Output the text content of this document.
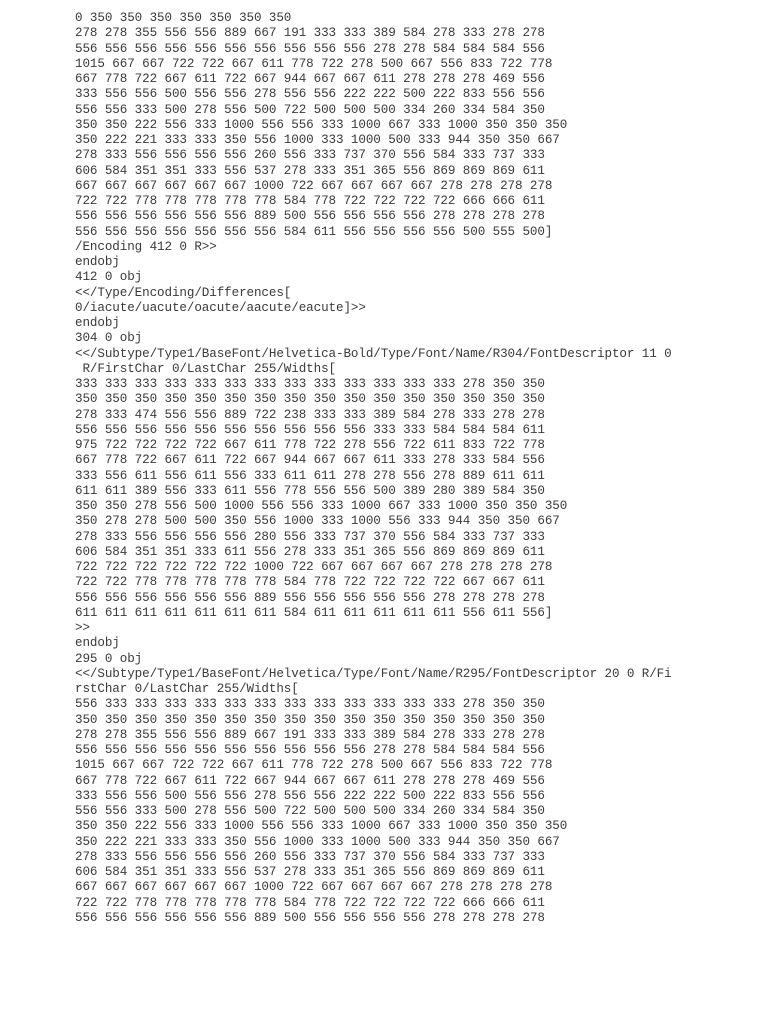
0 350 350 350 350 350 350 350
278 278 355 556 556 889 667 191 333 333 389 584 278 333 278 278
556 556 556 556 556 556 556 556 556 556 278 278 584 584 584 556
1015 667 667 722 722 667 611 778 722 278 500 667 556 833 722 778
667 778 722 667 611 722 667 944 667 667 611 278 278 278 469 556
333 556 556 500 556 556 278 556 556 222 222 500 222 833 556 556
556 556 333 500 278 556 500 722 500 500 500 334 260 334 584 350
350 350 222 556 333 1000 556 556 333 1000 667 333 1000 350 350 350
350 222 221 333 333 350 556 1000 333 1000 500 333 944 350 350 667
278 333 556 556 556 556 260 556 333 737 370 556 584 333 737 333
606 584 351 351 333 556 537 278 333 351 365 556 869 869 869 611
667 667 667 667 667 667 1000 722 667 667 667 667 278 278 278 278
722 722 778 778 778 778 778 584 778 722 722 722 722 666 666 611
556 556 556 556 556 556 889 500 556 556 556 556 278 278 278 278
556 556 556 556 556 556 556 584 611 556 556 556 556 500 555 500]
/Encoding 412 0 R>>
endobj
412 0 obj
<</Type/Encoding/Differences[
0/iacute/uacute/oacute/aacute/eacute]>>
endobj
304 0 obj
<</Subtype/Type1/BaseFont/Helvetica-Bold/Type/Font/Name/R304/FontDescriptor 11 0
R/FirstChar 0/LastChar 255/Widths[
333 333 333 333 333 333 333 333 333 333 333 333 333 278 350 350
350 350 350 350 350 350 350 350 350 350 350 350 350 350 350 350
278 333 474 556 556 889 722 238 333 333 389 584 278 333 278 278
556 556 556 556 556 556 556 556 556 556 333 333 584 584 584 611
975 722 722 722 722 667 611 778 722 278 556 722 611 833 722 778
667 778 722 667 611 722 667 944 667 667 611 333 278 333 584 556
333 556 611 556 611 556 333 611 611 278 278 556 278 889 611 611
611 611 389 556 333 611 556 778 556 556 500 389 280 389 584 350
350 350 278 556 500 1000 556 556 333 1000 667 333 1000 350 350 350
350 278 278 500 500 350 556 1000 333 1000 556 333 944 350 350 667
278 333 556 556 556 556 280 556 333 737 370 556 584 333 737 333
606 584 351 351 333 611 556 278 333 351 365 556 869 869 869 611
722 722 722 722 722 722 1000 722 667 667 667 667 278 278 278 278
722 722 778 778 778 778 778 584 778 722 722 722 722 667 667 611
556 556 556 556 556 556 889 556 556 556 556 556 278 278 278 278
611 611 611 611 611 611 611 584 611 611 611 611 611 556 611 556]
>>
endobj
295 0 obj
<</Subtype/Type1/BaseFont/Helvetica/Type/Font/Name/R295/FontDescriptor 20 0 R/Fi
rstChar 0/LastChar 255/Widths[
556 333 333 333 333 333 333 333 333 333 333 333 333 278 350 350
350 350 350 350 350 350 350 350 350 350 350 350 350 350 350 350
278 278 355 556 556 889 667 191 333 333 389 584 278 333 278 278
556 556 556 556 556 556 556 556 556 556 278 278 584 584 584 556
1015 667 667 722 722 667 611 778 722 278 500 667 556 833 722 778
667 778 722 667 611 722 667 944 667 667 611 278 278 278 469 556
333 556 556 500 556 556 278 556 556 222 222 500 222 833 556 556
556 556 333 500 278 556 500 722 500 500 500 334 260 334 584 350
350 350 222 556 333 1000 556 556 333 1000 667 333 1000 350 350 350
350 222 221 333 333 350 556 1000 333 1000 500 333 944 350 350 667
278 333 556 556 556 556 260 556 333 737 370 556 584 333 737 333
606 584 351 351 333 556 537 278 333 351 365 556 869 869 869 611
667 667 667 667 667 667 1000 722 667 667 667 667 278 278 278 278
722 722 778 778 778 778 778 584 778 722 722 722 722 666 666 611
556 556 556 556 556 556 889 500 556 556 556 556 278 278 278 278
